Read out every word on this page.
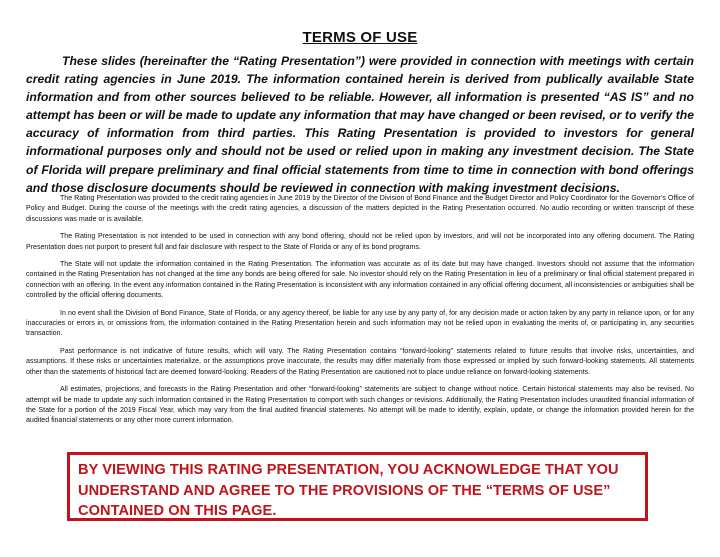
TERMS OF USE

These slides (hereinafter the “Rating Presentation”) were provided in connection with meetings with certain credit rating agencies in June 2019. The information contained herein is derived from publically available State information and from other sources believed to be reliable. However, all information is presented “AS IS” and no attempt has been or will be made to update any information that may have changed or been revised, or to verify the accuracy of information from third parties. This Rating Presentation is provided to investors for general informational purposes only and should not be used or relied upon in making any investment decision. The State of Florida will prepare preliminary and final official statements from time to time in connection with bond offerings and those disclosure documents should be reviewed in connection with making investment decisions.

The Rating Presentation was provided to the credit rating agencies in June 2019 by the Director of the Division of Bond Finance and the Budget Director and Policy Coordinator for the Governor’s Office of Policy and Budget. During the course of the meetings with the credit rating agencies, a discussion of the matters depicted in the Rating Presentation occurred. No audio recording or written transcript of these discussions was made or is available.

The Rating Presentation is not intended to be used in connection with any bond offering, should not be relied upon by investors, and will not be incorporated into any offering document. The Rating Presentation does not purport to present full and fair disclosure with respect to the State of Florida or any of its bond programs.

The State will not update the information contained in the Rating Presentation. The information was accurate as of its date but may have changed. Investors should not assume that the information contained in the Rating Presentation has not changed at the time any bonds are being offered for sale. No investor should rely on the Rating Presentation in lieu of a preliminary or final official statement prepared in connection with an offering. In the event any information contained in the Rating Presentation is inconsistent with any information contained in any official offering document, all inconsistencies or ambiguities shall be controlled by the official offering documents.

In no event shall the Division of Bond Finance, State of Florida, or any agency thereof, be liable for any use by any party of, for any decision made or action taken by any party in reliance upon, or for any inaccuracies or errors in, or omissions from, the information contained in the Rating Presentation herein and such information may not be relied upon in evaluating the merits of, or participating in, any securities transaction.

Past performance is not indicative of future results, which will vary. The Rating Presentation contains “forward-looking” statements related to future results that involve risks, uncertainties, and assumptions. If these risks or uncertainties materialize, or the assumptions prove inaccurate, the results may differ materially from those expressed or implied by such forward-looking statements. All statements other than the statements of historical fact are deemed forward-looking. Readers of the Rating Presentation are cautioned not to place undue reliance on forward-looking statements.

All estimates, projections, and forecasts in the Rating Presentation and other “forward-looking” statements are subject to change without notice. Certain historical statements may also be revised. No attempt will be made to update any such information contained in the Rating Presentation to comport with such changes or revisions. Additionally, the Rating Presentation includes unaudited financial information of the State for a portion of the 2019 Fiscal Year, which may vary from the final audited financial statements. No attempt will be made to identify, explain, update, or change the information provided herein for the audited financial statements or any other more current information.

BY VIEWING THIS RATING PRESENTATION, YOU ACKNOWLEDGE THAT YOU UNDERSTAND AND AGREE TO THE PROVISIONS OF THE “TERMS OF USE” CONTAINED ON THIS PAGE.
